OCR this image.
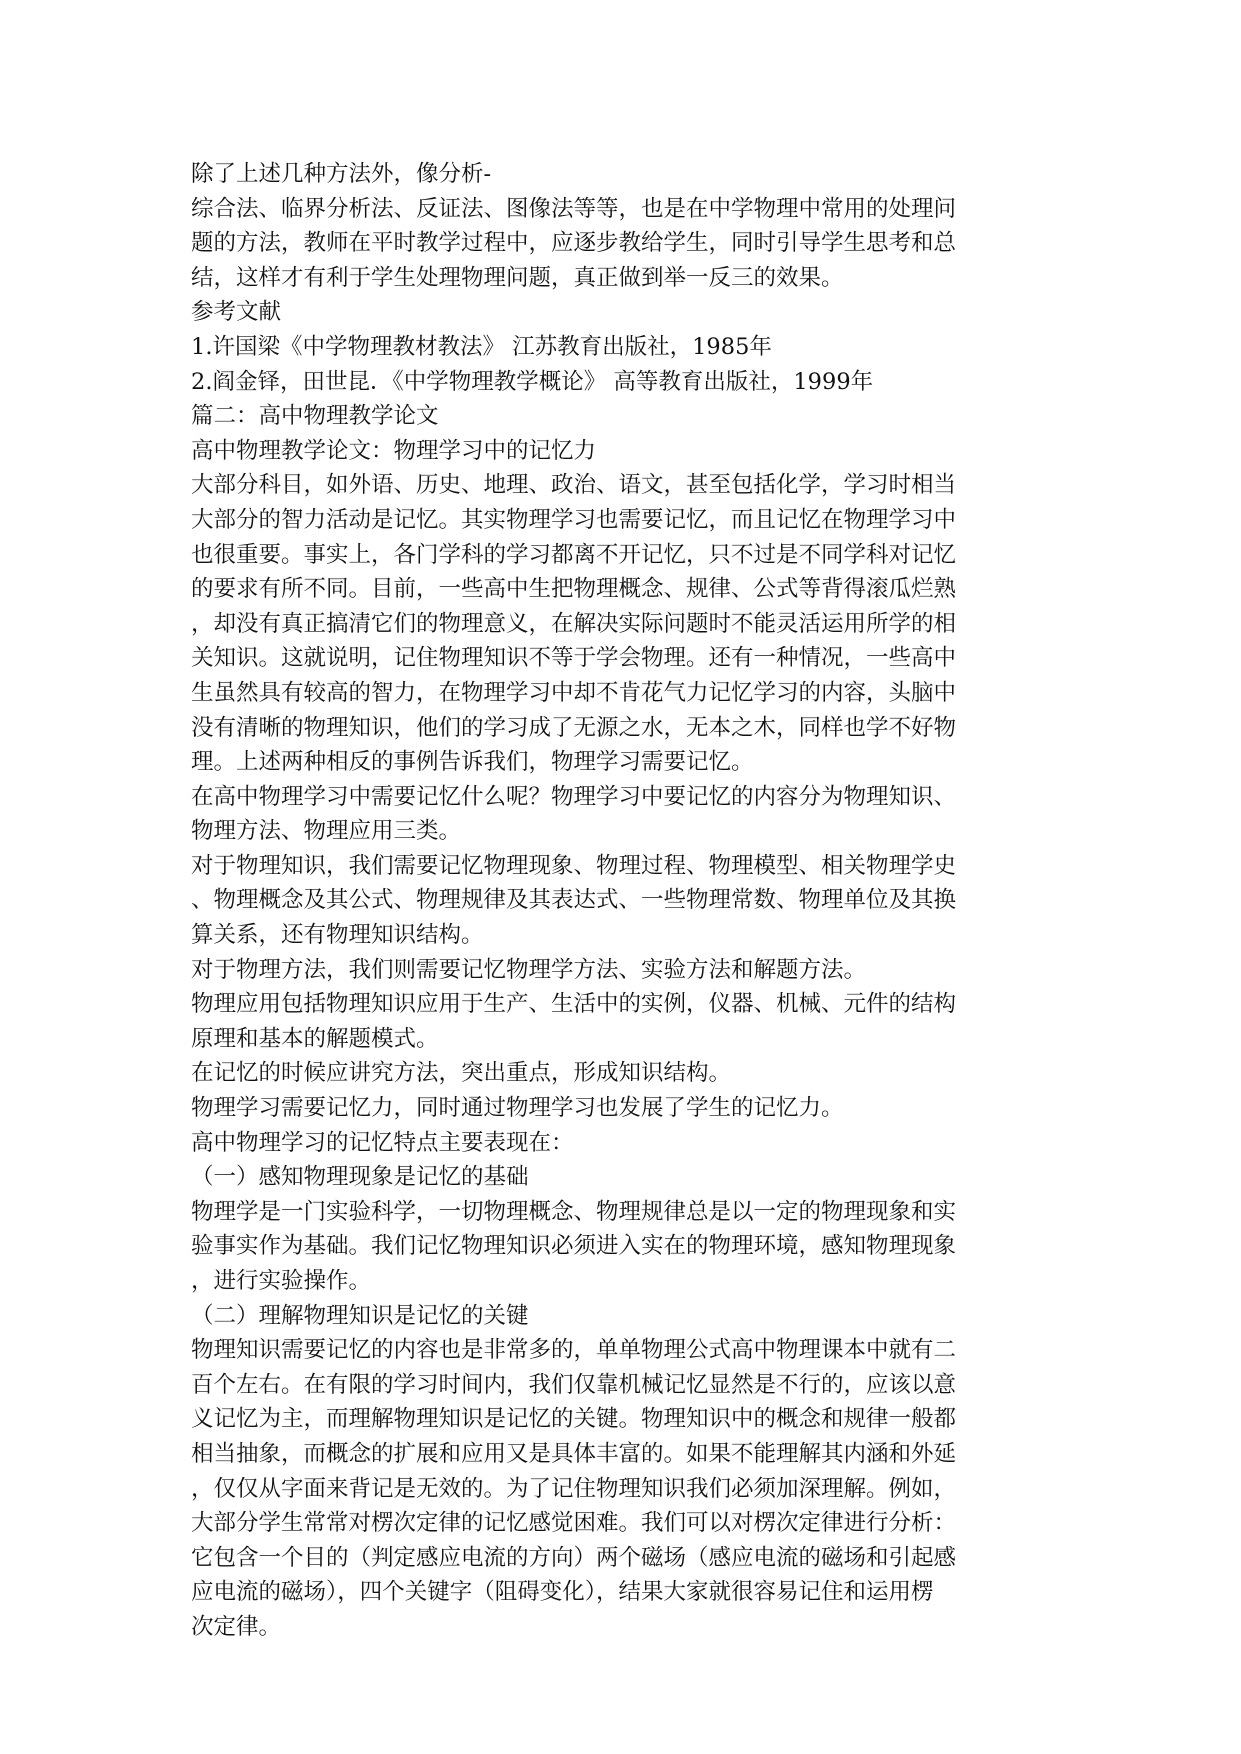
除了上述几种方法外，像分析-
综合法、临界分析法、反证法、图像法等等，也是在中学物理中常用的处理问
题的方法，教师在平时教学过程中，应逐步教给学生，同时引导学生思考和总
结，这样才有利于学生处理物理问题，真正做到举一反三的效果。
参考文献
1.许国梁《中学物理教材教法》 江苏教育出版社，1985年
2.阎金铎，田世昆．《中学物理教学概论》 高等教育出版社，1999年
篇二：高中物理教学论文
高中物理教学论文：物理学习中的记忆力
大部分科目，如外语、历史、地理、政治、语文，甚至包括化学，学习时相当
大部分的智力活动是记忆。其实物理学习也需要记忆，而且记忆在物理学习中
也很重要。事实上，各门学科的学习都离不开记忆，只不过是不同学科对记忆
的要求有所不同。目前，一些高中生把物理概念、规律、公式等背得滚瓜烂熟
，却没有真正搞清它们的物理意义，在解决实际问题时不能灵活运用所学的相
关知识。这就说明，记住物理知识不等于学会物理。还有一种情况，一些高中
生虽然具有较高的智力，在物理学习中却不肯花气力记忆学习的内容，头脑中
没有清晰的物理知识，他们的学习成了无源之水，无本之木，同样也学不好物
理。上述两种相反的事例告诉我们，物理学习需要记忆。
在高中物理学习中需要记忆什么呢？物理学习中要记忆的内容分为物理知识、
物理方法、物理应用三类。
对于物理知识，我们需要记忆物理现象、物理过程、物理模型、相关物理学史
、物理概念及其公式、物理规律及其表达式、一些物理常数、物理单位及其换
算关系，还有物理知识结构。
对于物理方法，我们则需要记忆物理学方法、实验方法和解题方法。
物理应用包括物理知识应用于生产、生活中的实例，仪器、机械、元件的结构
原理和基本的解题模式。
在记忆的时候应讲究方法，突出重点，形成知识结构。
物理学习需要记忆力，同时通过物理学习也发展了学生的记忆力。
高中物理学习的记忆特点主要表现在：
（一）感知物理现象是记忆的基础
物理学是一门实验科学，一切物理概念、物理规律总是以一定的物理现象和实
验事实作为基础。我们记忆物理知识必须进入实在的物理环境，感知物理现象
，进行实验操作。
（二）理解物理知识是记忆的关键
物理知识需要记忆的内容也是非常多的，单单物理公式高中物理课本中就有二
百个左右。在有限的学习时间内，我们仅靠机械记忆显然是不行的，应该以意
义记忆为主，而理解物理知识是记忆的关键。物理知识中的概念和规律一般都
相当抽象，而概念的扩展和应用又是具体丰富的。如果不能理解其内涵和外延
，仅仅从字面来背记是无效的。为了记住物理知识我们必须加深理解。例如，
大部分学生常常对楞次定律的记忆感觉困难。我们可以对楞次定律进行分析：
它包含一个目的（判定感应电流的方向）两个磁场（感应电流的磁场和引起感
应电流的磁场），四个关键字（阻碍变化），结果大家就很容易记住和运用楞
次定律。
